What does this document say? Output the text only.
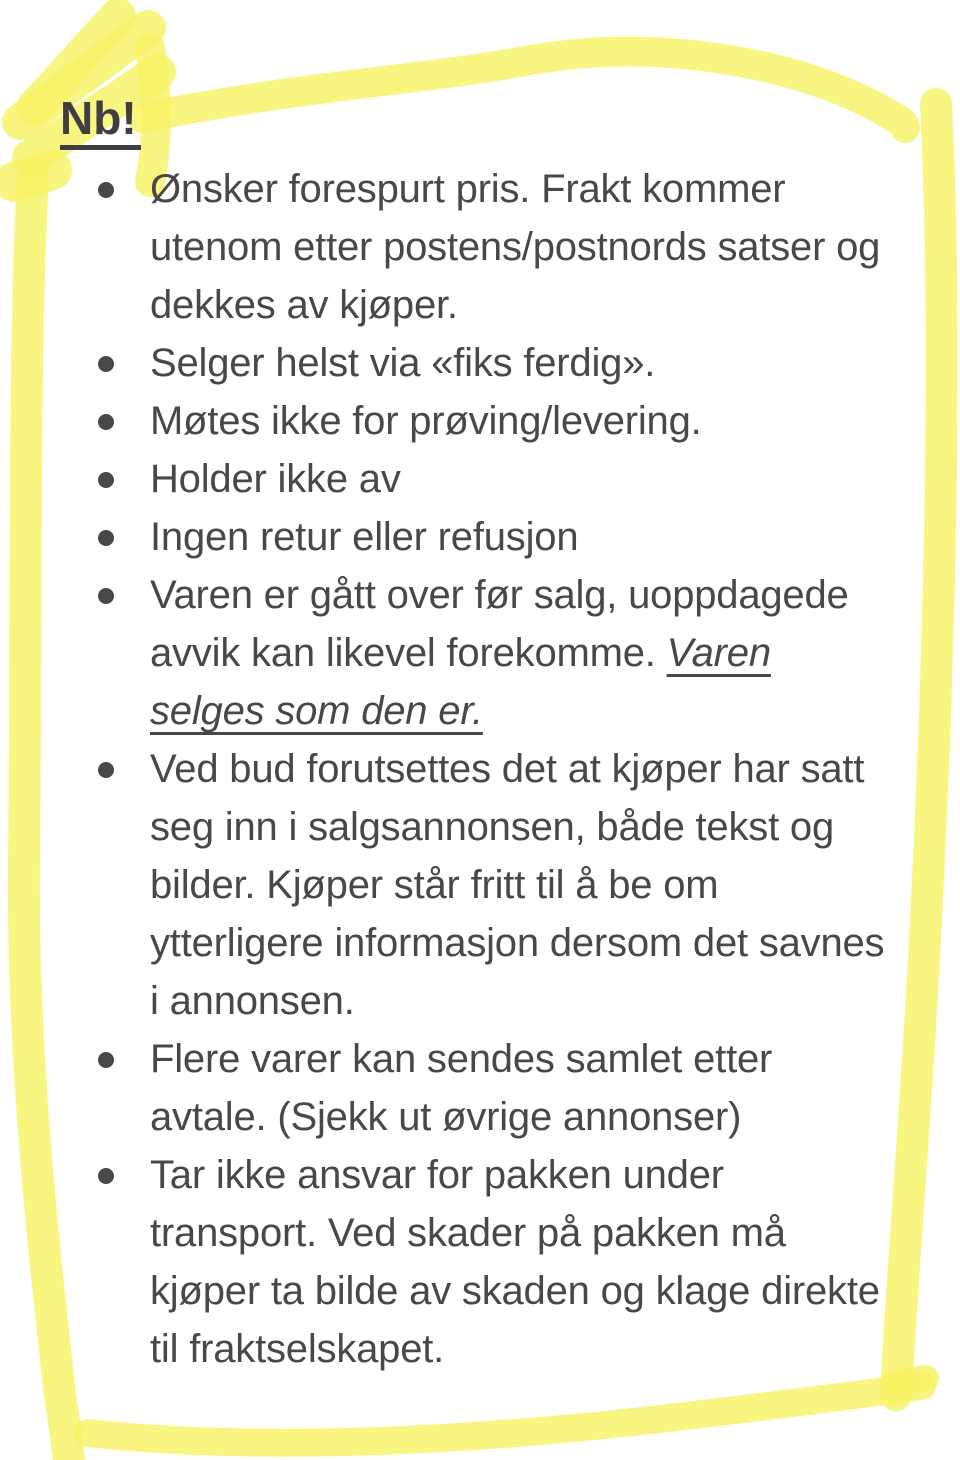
Nb!

Ønsker forespurt pris. Frakt kommer utenom etter postens/postnords satser og dekkes av kjøper.

Selger helst via «fiks ferdig».

Møtes ikke for prøving/levering.

Holder ikke av

Ingen retur eller refusjon

Varen er gått over før salg, uoppdagede avvik kan likevel forekomme. Varen selges som den er.

Ved bud forutsettes det at kjøper har satt seg inn i salgsannonsen, både tekst og bilder. Kjøper står fritt til å be om ytterligere informasjon dersom det savnes i annonsen.

Flere varer kan sendes samlet etter avtale. (Sjekk ut øvrige annonser)

Tar ikke ansvar for pakken under transport. Ved skader på pakken må kjøper ta bilde av skaden og klage direkte til fraktselskapet.
